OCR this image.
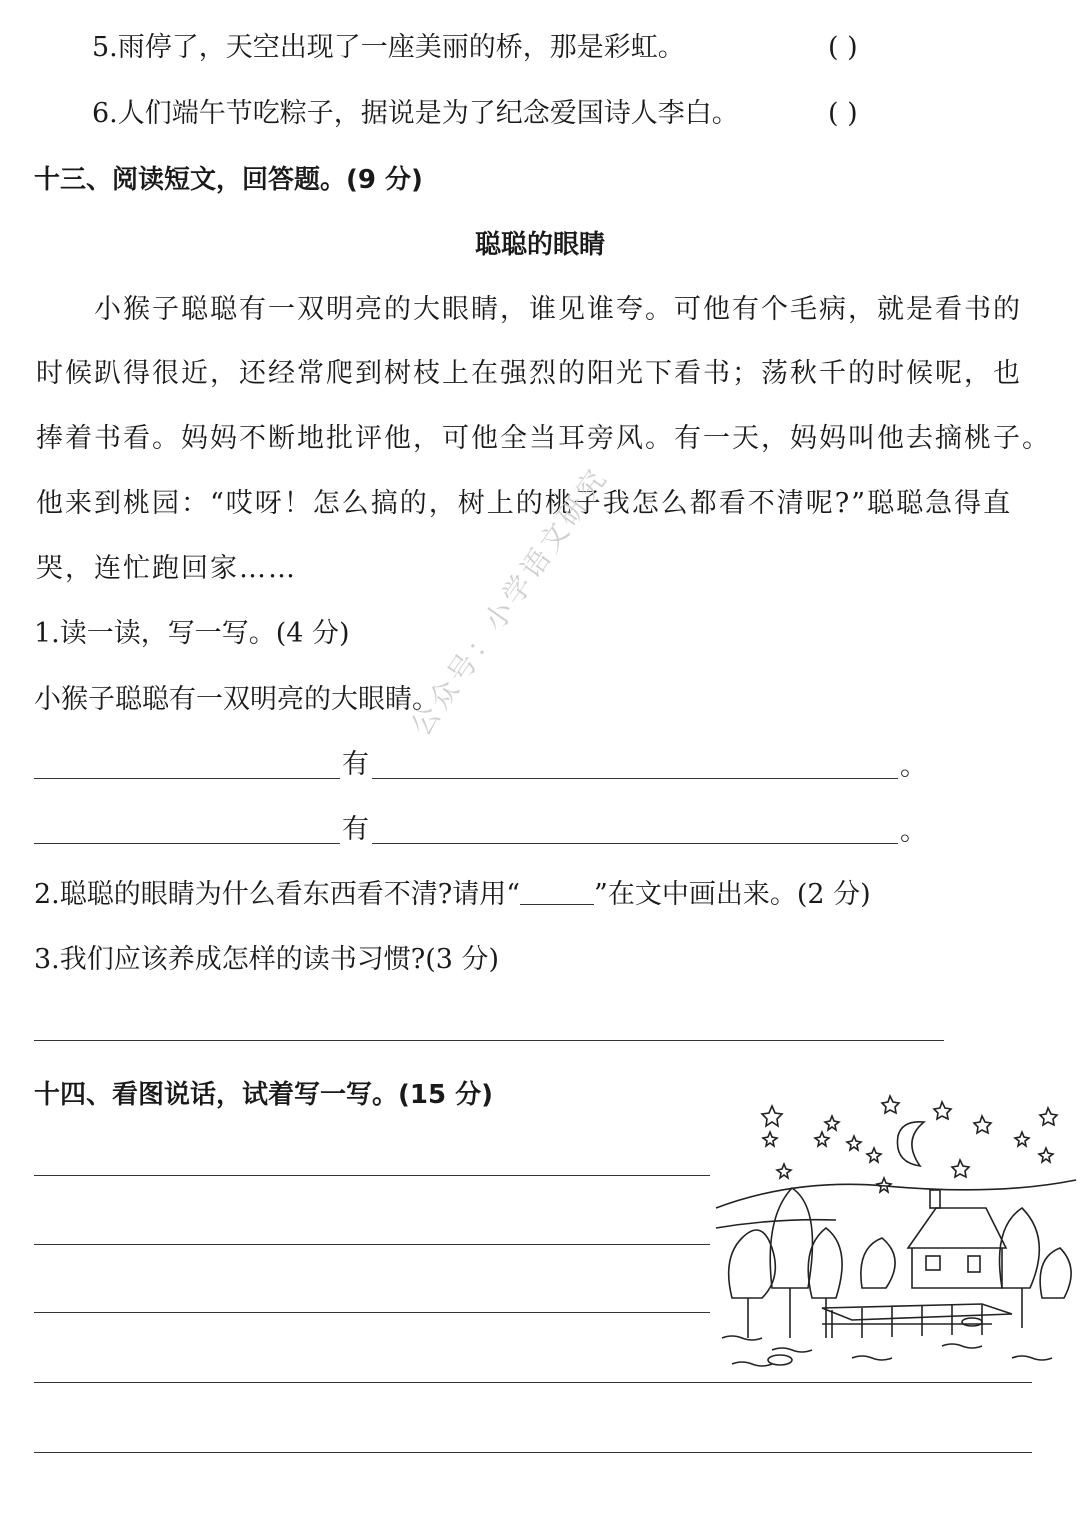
5.雨停了，天空出现了一座美丽的桥，那是彩虹。	( )
6.人们端午节吃粽子，据说是为了纪念爱国诗人李白。	( )
十三、阅读短文，回答题。(9 分)
聪聪的眼睛
小猴子聪聪有一双明亮的大眼睛，谁见谁夸。可他有个毛病，就是看书的
时候趴得很近，还经常爬到树枝上在强烈的阳光下看书；荡秋千的时候呢，也
捧着书看。妈妈不断地批评他，可他全当耳旁风。有一天，妈妈叫他去摘桃子。
他来到桃园：“哎呀！怎么搞的，树上的桃子我怎么都看不清呢?”聪聪急得直
哭，连忙跑回家……
1.读一读，写一写。(4 分)
小猴子聪聪有一双明亮的大眼睛。
有	。
有	。
2.聪聪的眼睛为什么看东西看不清?请用“	”在文中画出来。(2 分)
3.我们应该养成怎样的读书习惯?(3 分)
十四、看图说话，试着写一写。(15 分)
公众号：小学语文研究
